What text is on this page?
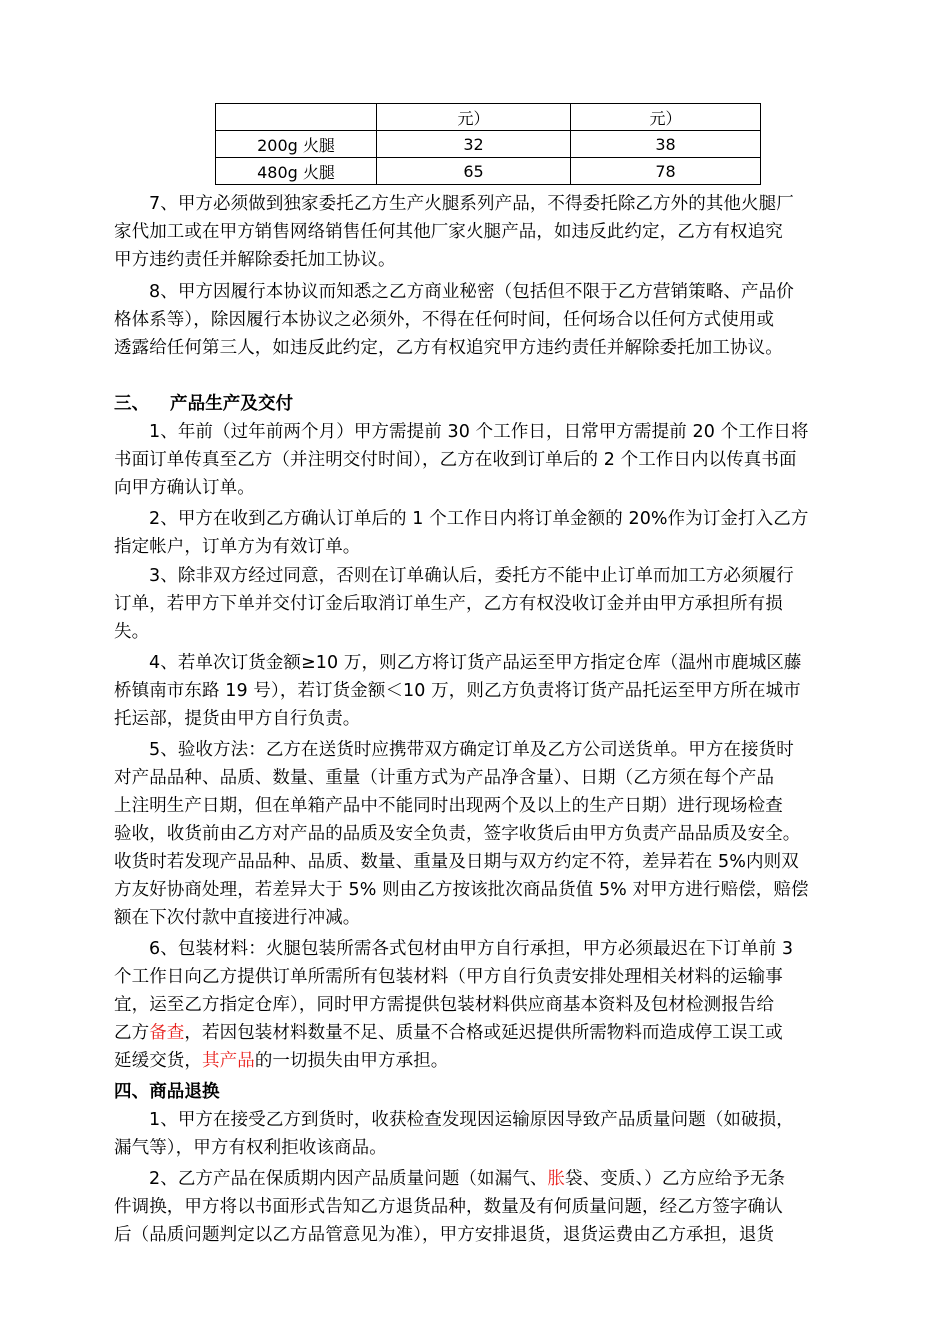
	元）	元）
200g 火腿	32	38
480g 火腿	65	78
7、甲方必须做到独家委托乙方生产火腿系列产品，不得委托除乙方外的其他火腿厂
家代加工或在甲方销售网络销售任何其他厂家火腿产品，如违反此约定，乙方有权追究
甲方违约责任并解除委托加工协议。
8、甲方因履行本协议而知悉之乙方商业秘密（包括但不限于乙方营销策略、产品价
格体系等），除因履行本协议之必须外，不得在任何时间，任何场合以任何方式使用或
透露给任何第三人，如违反此约定，乙方有权追究甲方违约责任并解除委托加工协议。
三、 产品生产及交付
1、年前（过年前两个月）甲方需提前 30 个工作日，日常甲方需提前 20 个工作日将
书面订单传真至乙方（并注明交付时间），乙方在收到订单后的 2 个工作日内以传真书面
向甲方确认订单。
2、甲方在收到乙方确认订单后的 1 个工作日内将订单金额的 20%作为订金打入乙方
指定帐户，订单方为有效订单。
3、除非双方经过同意，否则在订单确认后，委托方不能中止订单而加工方必须履行
订单，若甲方下单并交付订金后取消订单生产，乙方有权没收订金并由甲方承担所有损
失。
4、若单次订货金额≥10 万，则乙方将订货产品运至甲方指定仓库（温州市鹿城区藤
桥镇南市东路 19 号），若订货金额＜10 万，则乙方负责将订货产品托运至甲方所在城市
托运部，提货由甲方自行负责。
5、验收方法：乙方在送货时应携带双方确定订单及乙方公司送货单。甲方在接货时
对产品品种、品质、数量、重量（计重方式为产品净含量）、日期（乙方须在每个产品
上注明生产日期，但在单箱产品中不能同时出现两个及以上的生产日期）进行现场检查
验收，收货前由乙方对产品的品质及安全负责，签字收货后由甲方负责产品品质及安全。
收货时若发现产品品种、品质、数量、重量及日期与双方约定不符，差异若在 5%内则双
方友好协商处理，若差异大于 5% 则由乙方按该批次商品货值 5% 对甲方进行赔偿，赔偿
额在下次付款中直接进行冲减。
6、包装材料：火腿包装所需各式包材由甲方自行承担，甲方必须最迟在下订单前 3
个工作日向乙方提供订单所需所有包装材料（甲方自行负责安排处理相关材料的运输事
宜，运至乙方指定仓库），同时甲方需提供包装材料供应商基本资料及包材检测报告给
乙方备查，若因包装材料数量不足、质量不合格或延迟提供所需物料而造成停工误工或
延缓交货，其产品的一切损失由甲方承担。
四、商品退换
1、甲方在接受乙方到货时，收获检查发现因运输原因导致产品质量问题（如破损，
漏气等），甲方有权利拒收该商品。
2、乙方产品在保质期内因产品质量问题（如漏气、胀袋、变质、）乙方应给予无条
件调换，甲方将以书面形式告知乙方退货品种，数量及有何质量问题，经乙方签字确认
后（品质问题判定以乙方品管意见为准），甲方安排退货，退货运费由乙方承担，退货
